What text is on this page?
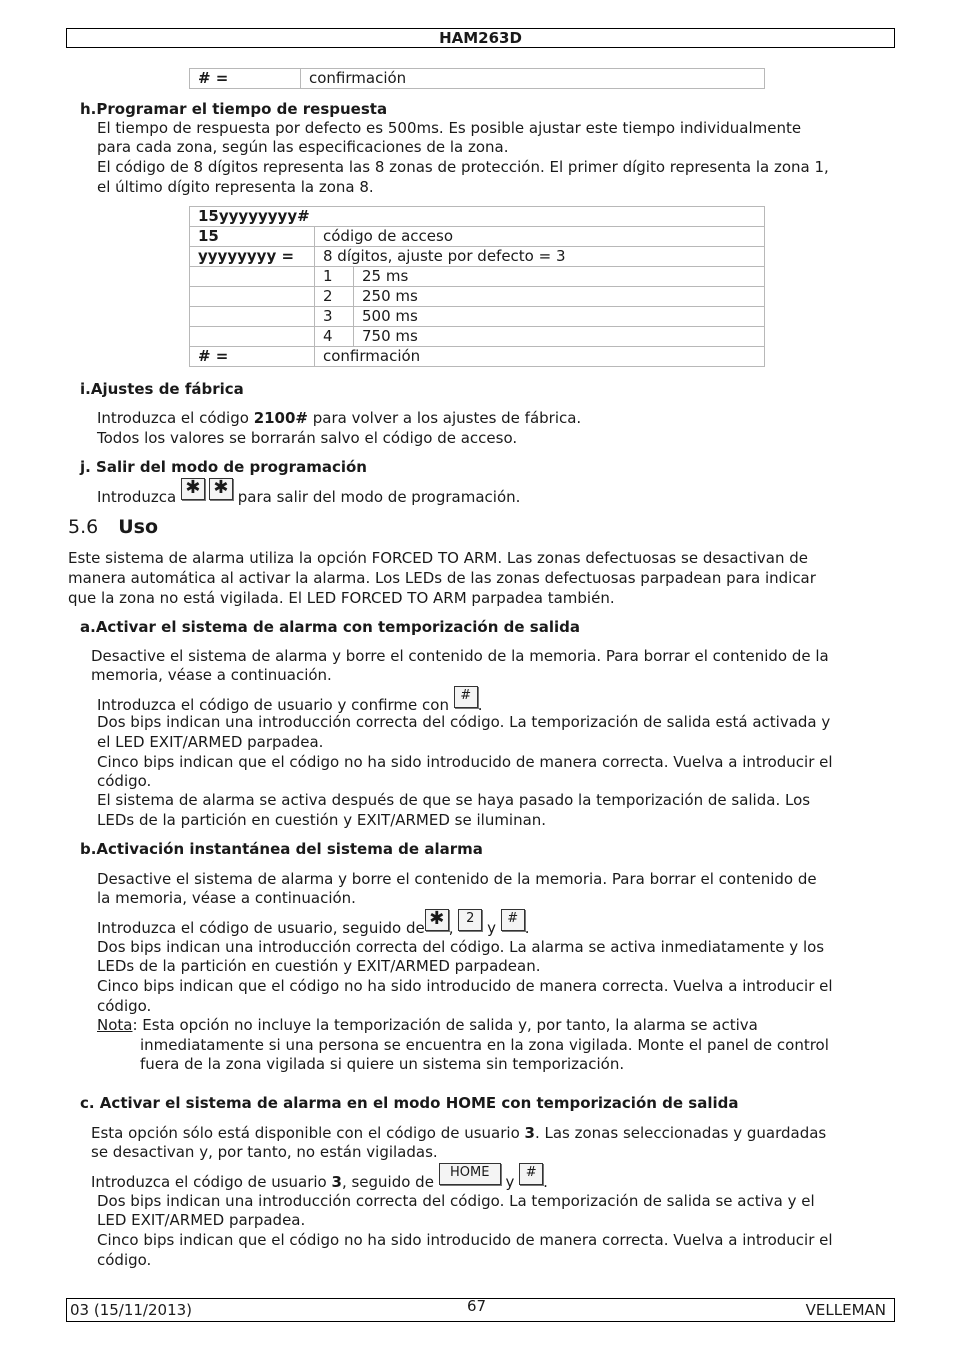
HAM263D
# =	confirmación
h.Programar el tiempo de respuesta
El tiempo de respuesta por defecto es 500ms. Es posible ajustar este tiempo individualmente
para cada zona, según las especificaciones de la zona.
El código de 8 dígitos representa las 8 zonas de protección. El primer dígito representa la zona 1,
el último dígito representa la zona 8.
15yyyyyyyy#		
15	código de acceso	
yyyyyyyy =	8 dígitos, ajuste por defecto = 3	
	1	25 ms
	2	250 ms
	3	500 ms
	4	750 ms
# =	confirmación	
i.Ajustes de fábrica
Introduzca el código 2100# para volver a los ajustes de fábrica.
Todos los valores se borrarán salvo el código de acceso.
j. Salir del modo de programación
Introduzca ✱ ✱ para salir del modo de programación.
5.6 Uso
Este sistema de alarma utiliza la opción FORCED TO ARM. Las zonas defectuosas se desactivan de
manera automática al activar la alarma. Los LEDs de las zonas defectuosas parpadean para indicar
que la zona no está vigilada. El LED FORCED TO ARM parpadea también.
a.Activar el sistema de alarma con temporización de salida
Desactive el sistema de alarma y borre el contenido de la memoria. Para borrar el contenido de la
memoria, véase a continuación.
Introduzca el código de usuario y confirme con # .
Dos bips indican una introducción correcta del código. La temporización de salida está activada y
el LED EXIT/ARMED parpadea.
Cinco bips indican que el código no ha sido introducido de manera correcta. Vuelva a introducir el
código.
El sistema de alarma se activa después de que se haya pasado la temporización de salida. Los
LEDs de la partición en cuestión y EXIT/ARMED se iluminan.
b.Activación instantánea del sistema de alarma
Desactive el sistema de alarma y borre el contenido de la memoria. Para borrar el contenido de
la memoria, véase a continuación.
Introduzca el código de usuario, seguido de ✱ , 2 y # .
Dos bips indican una introducción correcta del código. La alarma se activa inmediatamente y los
LEDs de la partición en cuestión y EXIT/ARMED parpadean.
Cinco bips indican que el código no ha sido introducido de manera correcta. Vuelva a introducir el
código.
Nota: Esta opción no incluye la temporización de salida y, por tanto, la alarma se activa
inmediatamente si una persona se encuentra en la zona vigilada. Monte el panel de control
fuera de la zona vigilada si quiere un sistema sin temporización.
c. Activar el sistema de alarma en el modo HOME con temporización de salida
Esta opción sólo está disponible con el código de usuario 3. Las zonas seleccionadas y guardadas
se desactivan y, por tanto, no están vigiladas.
Introduzca el código de usuario 3, seguido de HOME y # .
Dos bips indican una introducción correcta del código. La temporización de salida se activa y el
LED EXIT/ARMED parpadea.
Cinco bips indican que el código no ha sido introducido de manera correcta. Vuelva a introducir el
código.
03 (15/11/2013)	67	VELLEMAN
